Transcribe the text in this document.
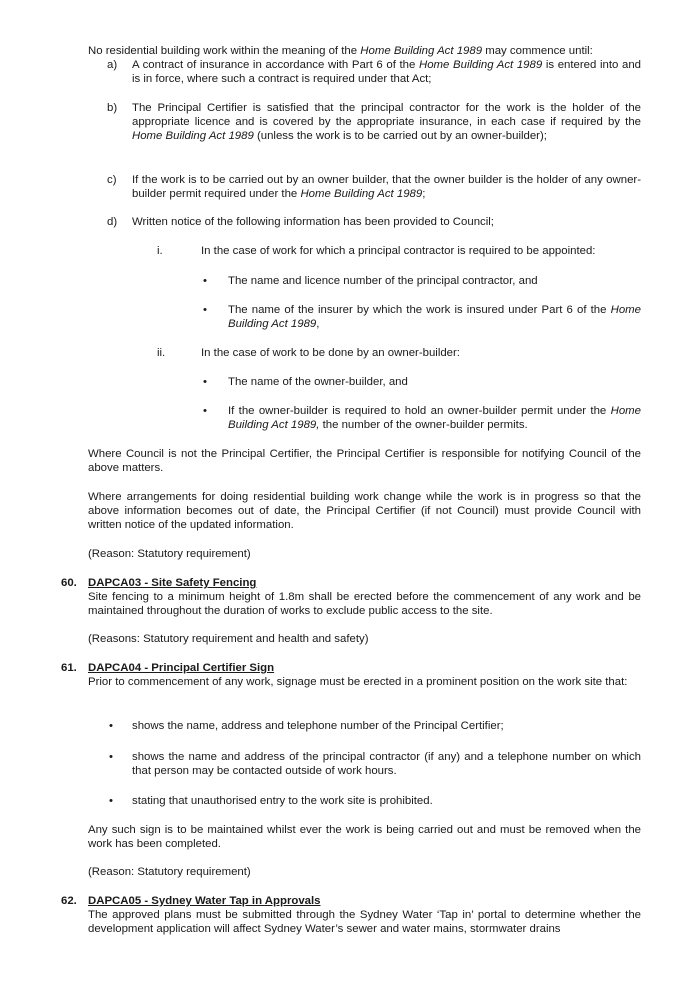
No residential building work within the meaning of the Home Building Act 1989 may commence until:

a) A contract of insurance in accordance with Part 6 of the Home Building Act 1989 is entered into and is in force, where such a contract is required under that Act;

b) The Principal Certifier is satisfied that the principal contractor for the work is the holder of the appropriate licence and is covered by the appropriate insurance, in each case if required by the Home Building Act 1989 (unless the work is to be carried out by an owner-builder);

c) If the work is to be carried out by an owner builder, that the owner builder is the holder of any owner-builder permit required under the Home Building Act 1989;

d) Written notice of the following information has been provided to Council;

i.	In the case of work for which a principal contractor is required to be appointed:

• The name and licence number of the principal contractor, and

• The name of the insurer by which the work is insured under Part 6 of the Home Building Act 1989,

ii.	In the case of work to be done by an owner-builder:

• The name of the owner-builder, and

• If the owner-builder is required to hold an owner-builder permit under the Home Building Act 1989, the number of the owner-builder permits.

Where Council is not the Principal Certifier, the Principal Certifier is responsible for notifying Council of the above matters.

Where arrangements for doing residential building work change while the work is in progress so that the above information becomes out of date, the Principal Certifier (if not Council) must provide Council with written notice of the updated information.

(Reason: Statutory requirement)

60. DAPCA03 - Site Safety Fencing

Site fencing to a minimum height of 1.8m shall be erected before the commencement of any work and be maintained throughout the duration of works to exclude public access to the site.

(Reasons: Statutory requirement and health and safety)

61. DAPCA04 - Principal Certifier Sign

Prior to commencement of any work, signage must be erected in a prominent position on the work site that:

• shows the name, address and telephone number of the Principal Certifier;

• shows the name and address of the principal contractor (if any) and a telephone number on which that person may be contacted outside of work hours.

• stating that unauthorised entry to the work site is prohibited.

Any such sign is to be maintained whilst ever the work is being carried out and must be removed when the work has been completed.

(Reason: Statutory requirement)

62. DAPCA05 - Sydney Water Tap in Approvals

The approved plans must be submitted through the Sydney Water ‘Tap in’ portal to determine whether the development application will affect Sydney Water’s sewer and water mains, stormwater drains
